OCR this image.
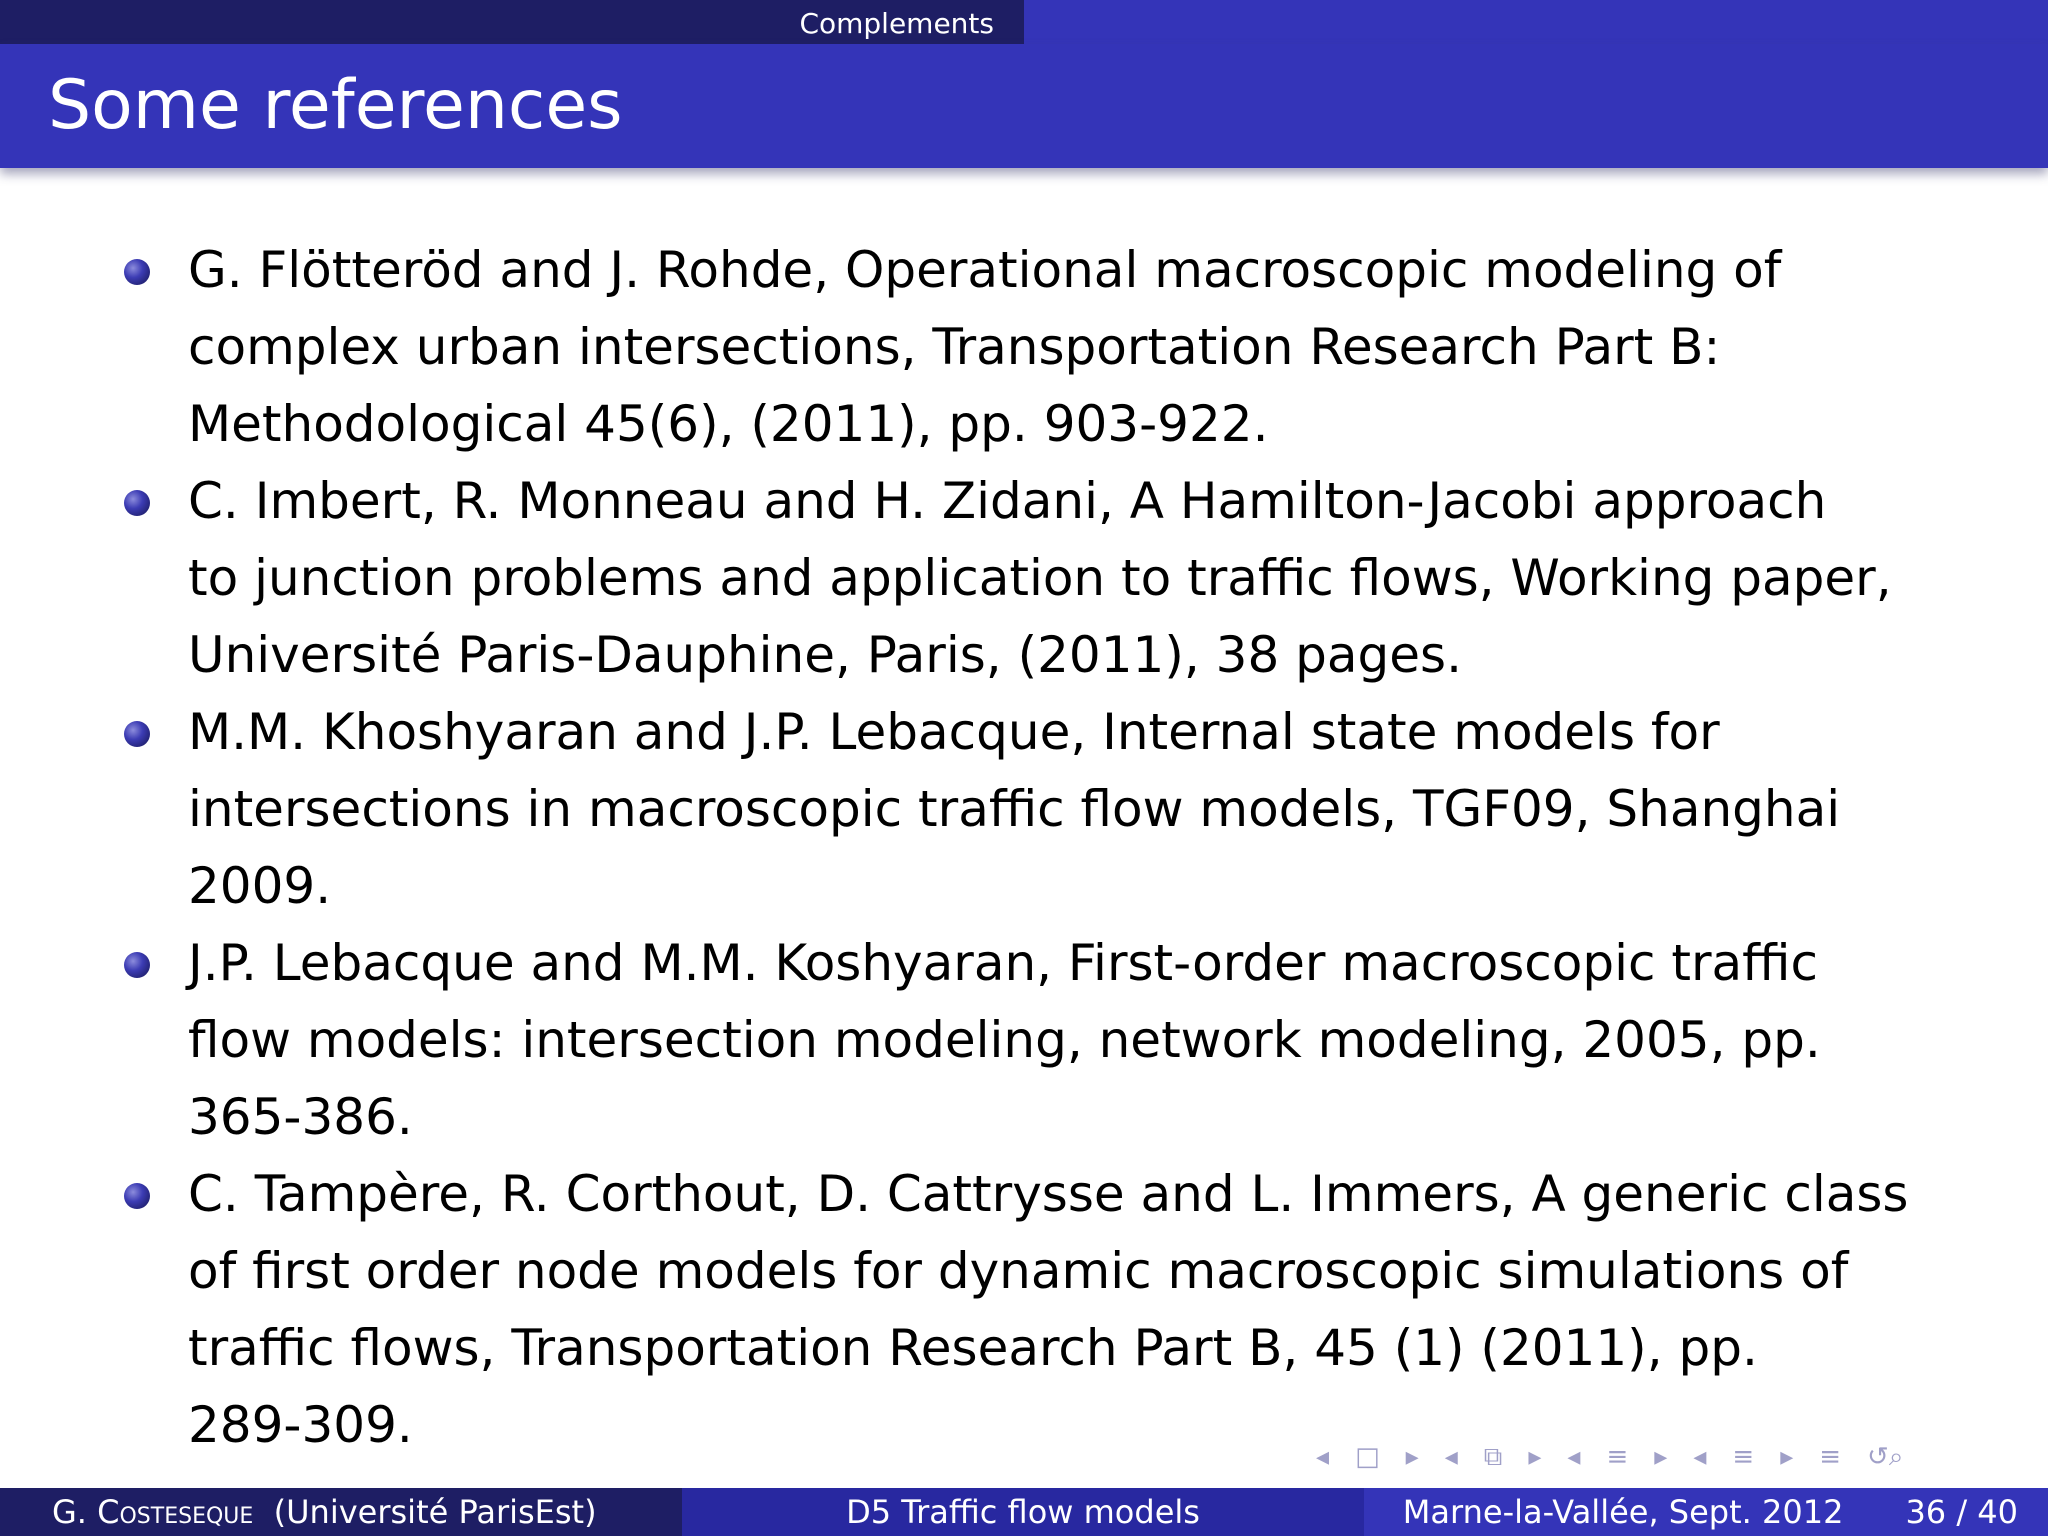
Complements
Some references
G. Flötteröd and J. Rohde, Operational macroscopic modeling of
complex urban intersections, Transportation Research Part B:
Methodological 45(6), (2011), pp. 903-922.
C. Imbert, R. Monneau and H. Zidani, A Hamilton-Jacobi approach
to junction problems and application to traffic flows, Working paper,
Université Paris-Dauphine, Paris, (2011), 38 pages.
M.M. Khoshyaran and J.P. Lebacque, Internal state models for
intersections in macroscopic traffic flow models, TGF09, Shanghai
2009.
J.P. Lebacque and M.M. Koshyaran, First-order macroscopic traffic
flow models: intersection modeling, network modeling, 2005, pp.
365-386.
C. Tampère, R. Corthout, D. Cattrysse and L. Immers, A generic class
of first order node models for dynamic macroscopic simulations of
traffic flows, Transportation Research Part B, 45 (1) (2011), pp.
289-309.
◂ □ ▸ ◂ ⧉ ▸ ◂ ≡ ▸ ◂ ≡ ▸ ≡ ↺⌕
G.
Costeseque
(Université ParisEst)	D5 Traffic flow models	Marne-la-Vallée, Sept. 2012 36 / 40
